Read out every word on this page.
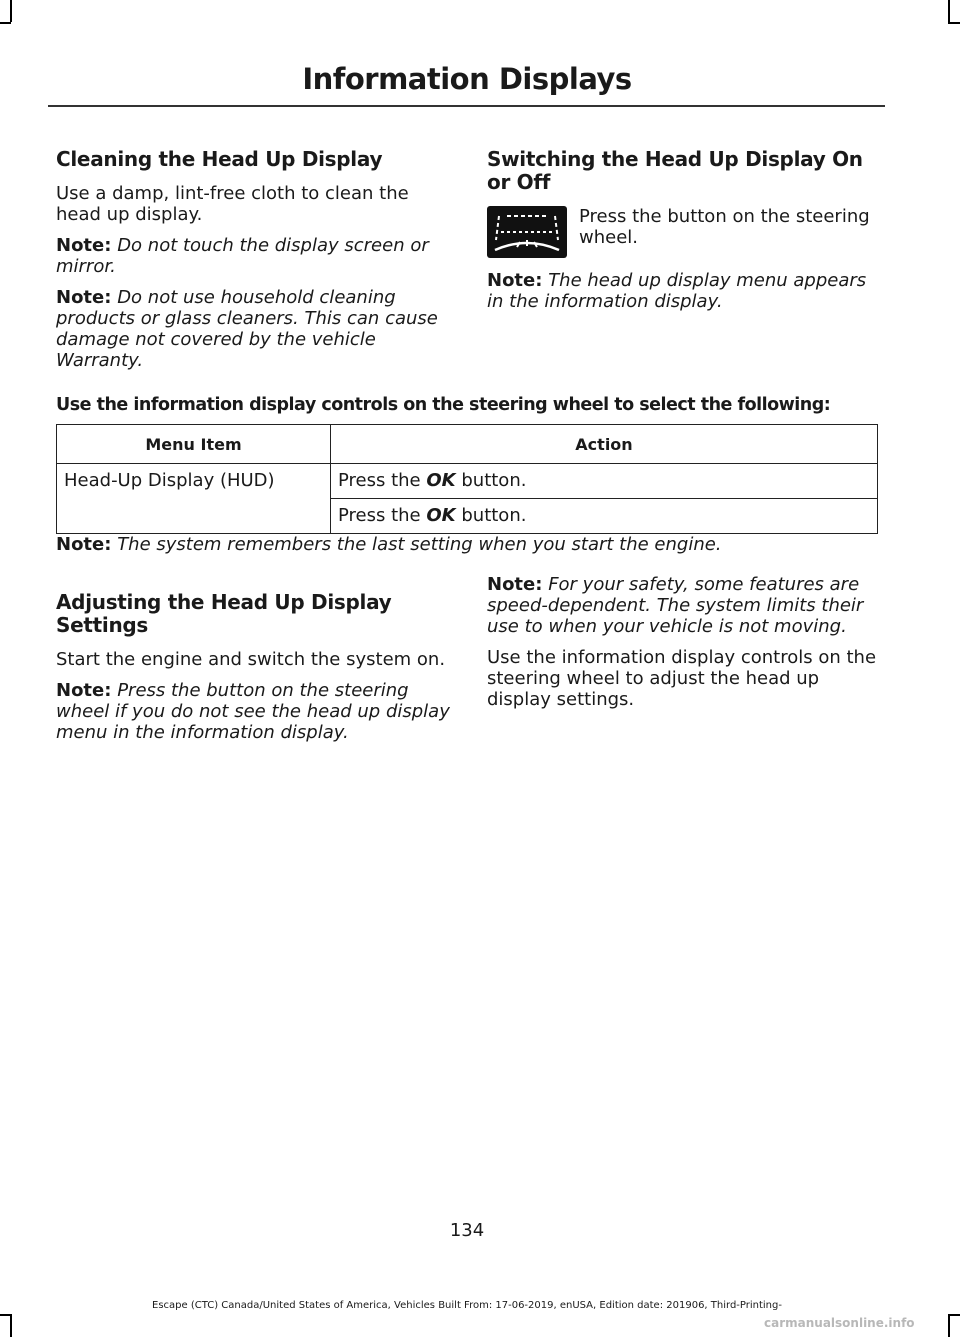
Information Displays
Cleaning the Head Up Display

Use a damp, lint-free cloth to clean the head up display.

Note: Do not touch the display screen or mirror.

Note: Do not use household cleaning products or glass cleaners. This can cause damage not covered by the vehicle Warranty.

Switching the Head Up Display On or Off
Press the button on the steering wheel.

Note: The head up display menu appears in the information display.

Use the information display controls on the steering wheel to select the following:
Menu Item	Action
Head-Up Display (HUD)	Press the OK button.
	Press the OK button.
Note: The system remembers the last setting when you start the engine.
Adjusting the Head Up Display Settings

Start the engine and switch the system on.

Note: Press the button on the steering wheel if you do not see the head up display menu in the information display.

Note: For your safety, some features are speed-dependent. The system limits their use to when your vehicle is not moving.

Use the information display controls on the steering wheel to adjust the head up display settings.

134
Escape (CTC) Canada/United States of America, Vehicles Built From: 17-06-2019, enUSA, Edition date: 201906, Third-Printing-
carmanualsonline.info
